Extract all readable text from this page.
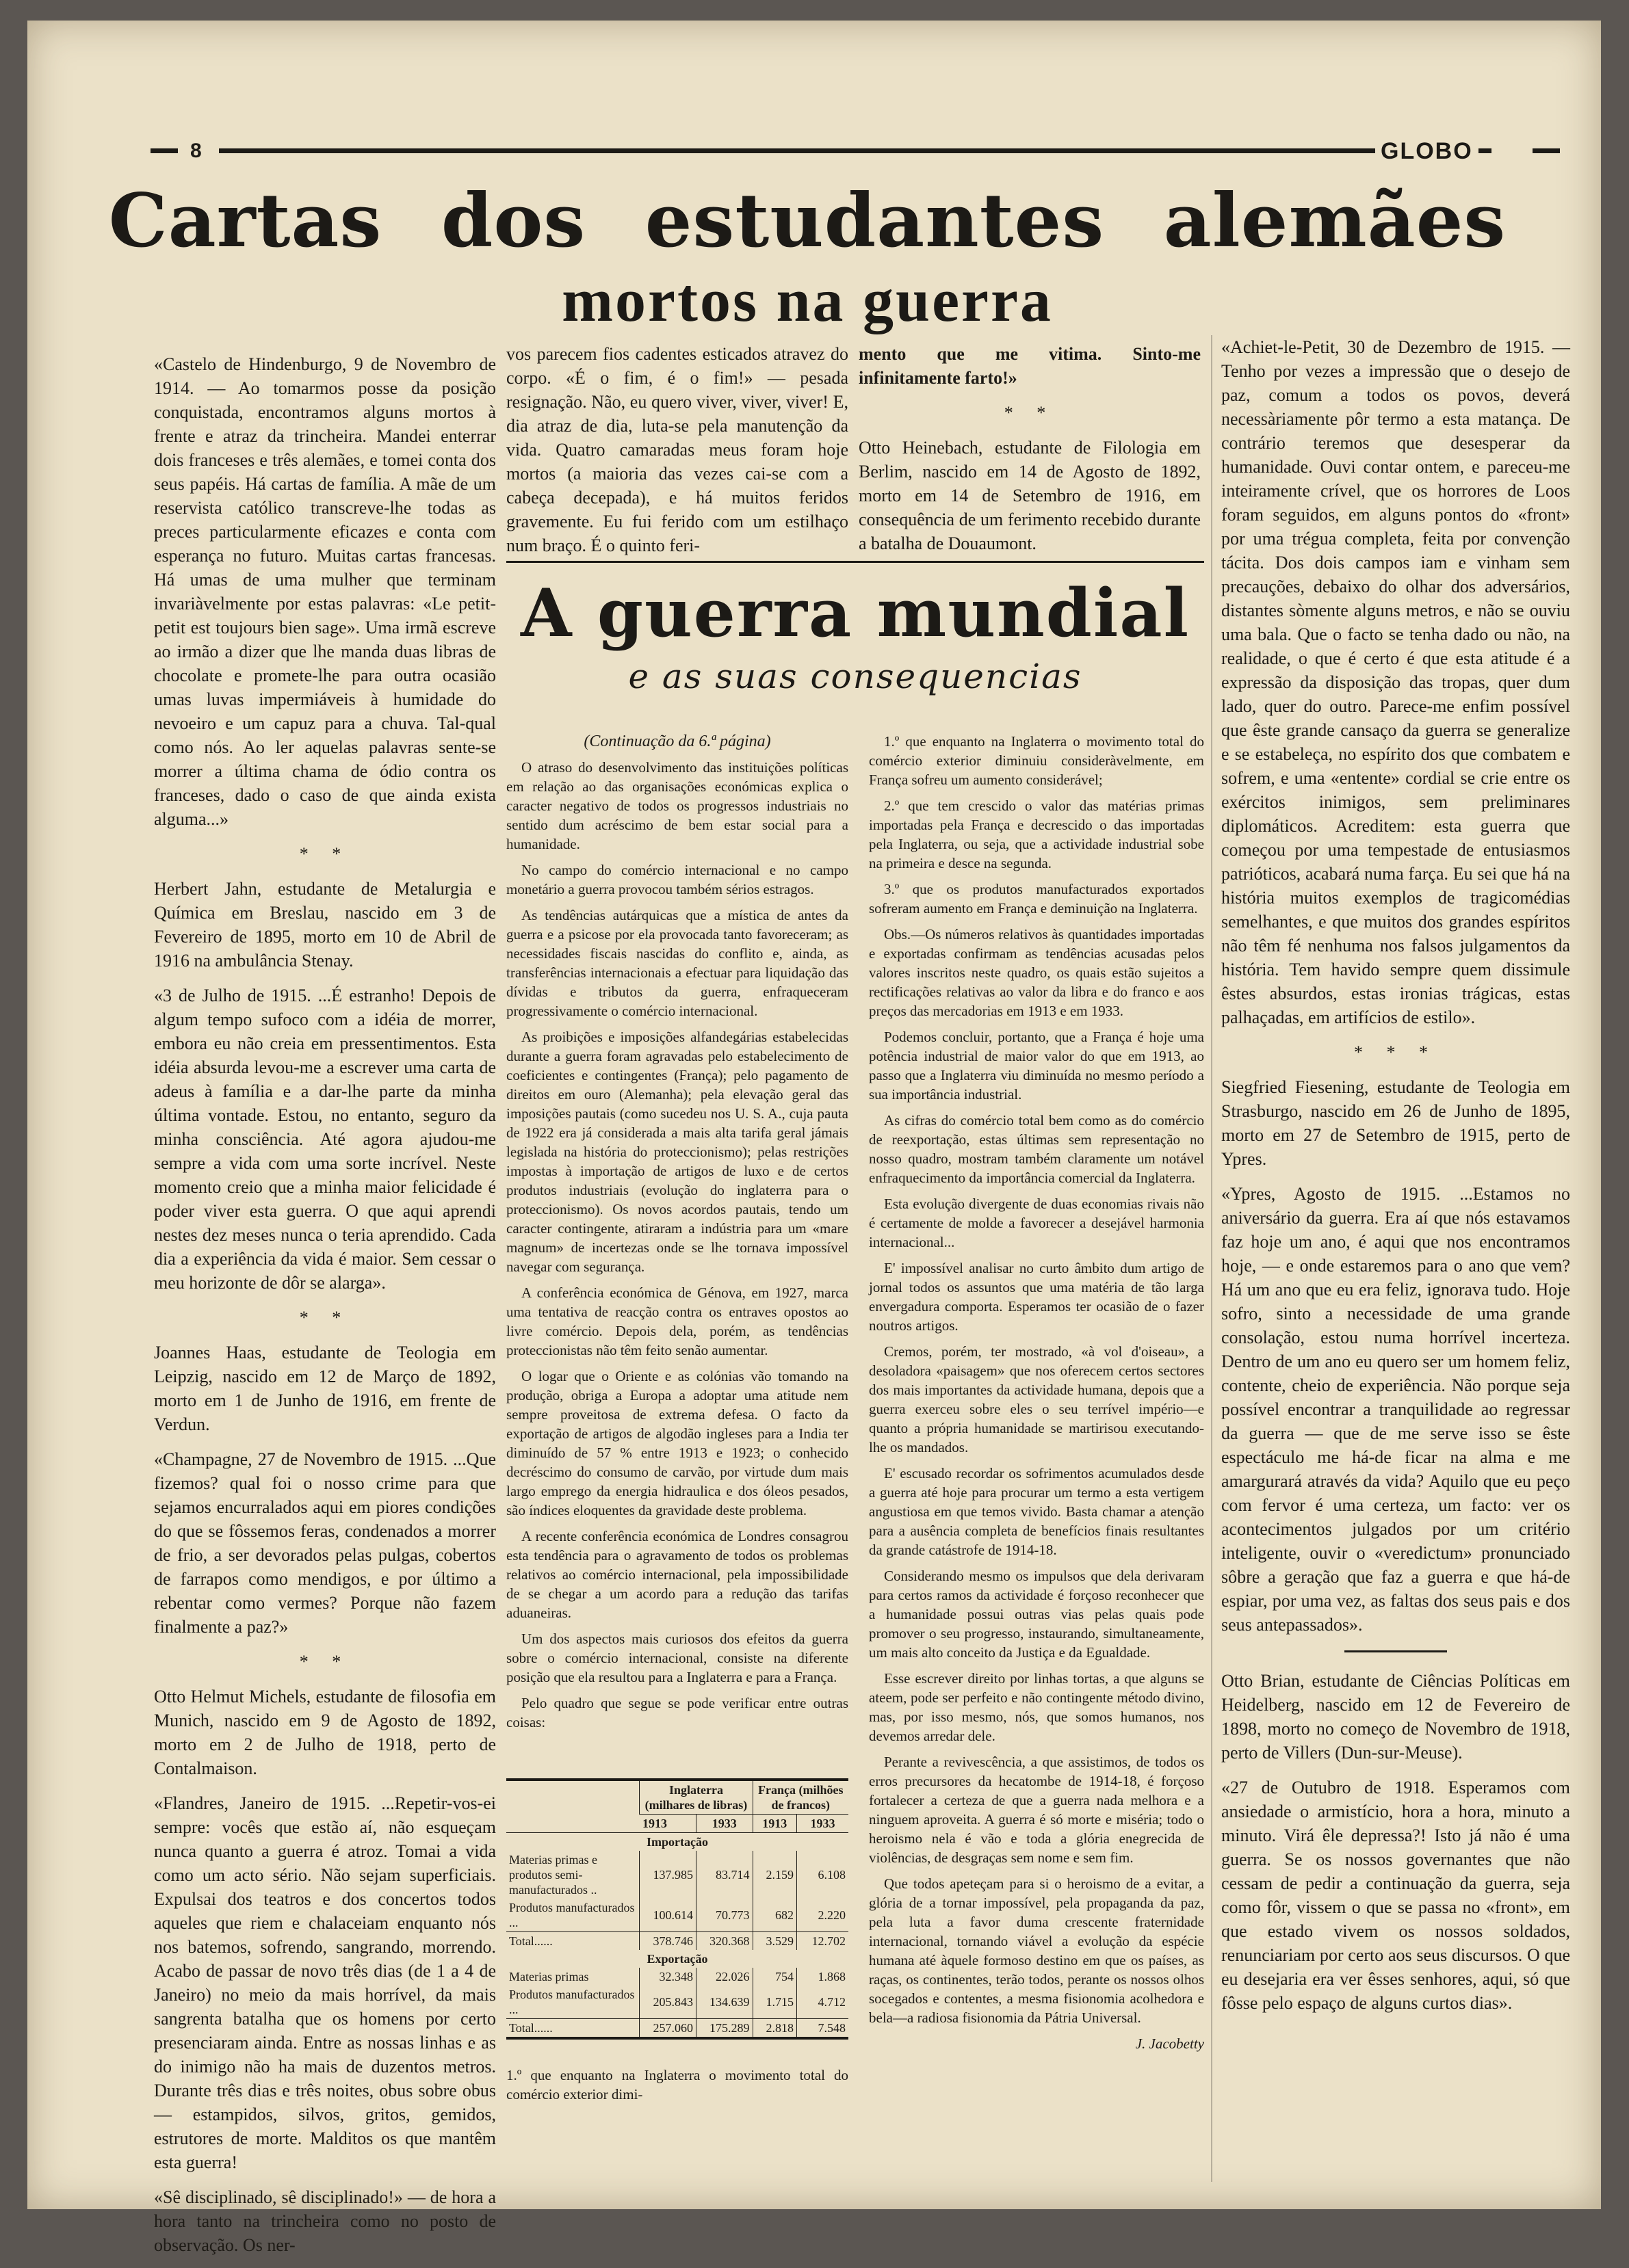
8	GLOBO
Cartas dos estudantes alemães
mortos na guerra

«Castelo de Hindenburgo, 9 de Novembro de 1914. — Ao tomarmos posse da posição conquistada, encontramos alguns mortos à frente e atraz da trincheira. Mandei enterrar dois franceses e três alemães, e tomei conta dos seus papéis. Há cartas de família. A mãe de um reservista católico transcreve-lhe todas as preces particularmente eficazes e conta com esperança no futuro. Muitas cartas francesas. Há umas de uma mulher que terminam invariàvelmente por estas palavras: «Le petit-petit est toujours bien sage». Uma irmã escreve ao irmão a dizer que lhe manda duas libras de chocolate e promete-lhe para outra ocasião umas luvas impermiáveis à humidade do nevoeiro e um capuz para a chuva. Tal-qual como nós. Ao ler aquelas palavras sente-se morrer a última chama de ódio contra os franceses, dado o caso de que ainda exista alguma...»

* *

Herbert Jahn, estudante de Metalurgia e Química em Breslau, nascido em 3 de Fevereiro de 1895, morto em 10 de Abril de 1916 na ambulância Stenay.

«3 de Julho de 1915. ...É estranho! Depois de algum tempo sufoco com a idéia de morrer, embora eu não creia em pressentimentos. Esta idéia absurda levou-me a escrever uma carta de adeus à família e a dar-lhe parte da minha última vontade. Estou, no entanto, seguro da minha consciência. Até agora ajudou-me sempre a vida com uma sorte incrível. Neste momento creio que a minha maior felicidade é poder viver esta guerra. O que aqui aprendi nestes dez meses nunca o teria aprendido. Cada dia a experiência da vida é maior. Sem cessar o meu horizonte de dôr se alarga».

* *

Joannes Haas, estudante de Teologia em Leipzig, nascido em 12 de Março de 1892, morto em 1 de Junho de 1916, em frente de Verdun.

«Champagne, 27 de Novembro de 1915. ...Que fizemos? qual foi o nosso crime para que sejamos encurralados aqui em piores condições do que se fôssemos feras, condenados a morrer de frio, a ser devorados pelas pulgas, cobertos de farrapos como mendigos, e por último a rebentar como vermes? Porque não fazem finalmente a paz?»

* *

Otto Helmut Michels, estudante de filosofia em Munich, nascido em 9 de Agosto de 1892, morto em 2 de Julho de 1918, perto de Contalmaison.

«Flandres, Janeiro de 1915. ...Repetir-vos-ei sempre: vocês que estão aí, não esqueçam nunca quanto a guerra é atroz. Tomai a vida como um acto sério. Não sejam superficiais. Expulsai dos teatros e dos concertos todos aqueles que riem e chalaceiam enquanto nós nos batemos, sofrendo, sangrando, morrendo. Acabo de passar de novo três dias (de 1 a 4 de Janeiro) no meio da mais horrível, da mais sangrenta batalha que os homens por certo presenciaram ainda. Entre as nossas linhas e as do inimigo não ha mais de duzentos metros. Durante três dias e três noites, obus sobre obus — estampidos, silvos, gritos, gemidos, estrutores de morte. Malditos os que mantêm esta guerra!

«Sê disciplinado, sê disciplinado!» — de hora a hora tanto na trincheira como no posto de observação. Os ner-

vos parecem fios cadentes esticados atravez do corpo. «É o fim, é o fim!» — pesada resignação. Não, eu quero viver, viver, viver! E, dia atraz de dia, luta-se pela manutenção da vida. Quatro camaradas meus foram hoje mortos (a maioria das vezes cai-se com a cabeça decepada), e há muitos feridos gravemente. Eu fui ferido com um estilhaço num braço. É o quinto feri-

mento que me vitima. Sinto-me infinitamente farto!»

* *

Otto Heinebach, estudante de Filologia em Berlim, nascido em 14 de Agosto de 1892, morto em 14 de Setembro de 1916, em consequência de um ferimento recebido durante a batalha de Douaumont.

A guerra mundial
e as suas consequencias

(Continuação da 6.ª página)

O atraso do desenvolvimento das instituições políticas em relação ao das organisações económicas explica o caracter negativo de todos os progressos industriais no sentido dum acréscimo de bem estar social para a humanidade.

No campo do comércio internacional e no campo monetário a guerra provocou também sérios estragos.

As tendências autárquicas que a mística de antes da guerra e a psicose por ela provocada tanto favoreceram; as necessidades fiscais nascidas do conflito e, ainda, as transferências internacionais a efectuar para liquidação das dívidas e tributos da guerra, enfraqueceram progressivamente o comércio internacional.

As proibições e imposições alfandegárias estabelecidas durante a guerra foram agravadas pelo estabelecimento de coeficientes e contingentes (França); pelo pagamento de direitos em ouro (Alemanha); pela elevação geral das imposições pautais (como sucedeu nos U. S. A., cuja pauta de 1922 era já considerada a mais alta tarifa geral jámais legislada na história do proteccionismo); pelas restrições impostas à importação de artigos de luxo e de certos produtos industriais (evolução do inglaterra para o proteccionismo). Os novos acordos pautais, tendo um caracter contingente, atiraram a indústria para um «mare magnum» de incertezas onde se lhe tornava impossível navegar com segurança.

A conferência económica de Génova, em 1927, marca uma tentativa de reacção contra os entraves opostos ao livre comércio. Depois dela, porém, as tendências proteccionistas não têm feito senão aumentar.

O logar que o Oriente e as colónias vão tomando na produção, obriga a Europa a adoptar uma atitude nem sempre proveitosa de extrema defesa. O facto da exportação de artigos de algodão ingleses para a India ter diminuído de 57 % entre 1913 e 1923; o conhecido decréscimo do consumo de carvão, por virtude dum mais largo emprego da energia hidraulica e dos óleos pesados, são índices eloquentes da gravidade deste problema.

A recente conferência económica de Londres consagrou esta tendência para o agravamento de todos os problemas relativos ao comércio internacional, pela impossibilidade de se chegar a um acordo para a redução das tarifas aduaneiras.

Um dos aspectos mais curiosos dos efeitos da guerra sobre o comércio internacional, consiste na diferente posição que ela resultou para a Inglaterra e para a França.

Pelo quadro que segue se pode verificar entre outras coisas:

	Inglaterra (milhares de libras)		França (milhões de francos)	
	1913	1933	1913	1933
Importação				
Materias primas e produtos semi-manufacturados ..	137.985	83.714	2.159	6.108
Produtos manufacturados ...	100.614	70.773	682	2.220
Total......	378.746	320.368	3.529	12.702
Exportação				
Materias primas	32.348	22.026	754	1.868
Produtos manufacturados ...	205.843	134.639	1.715	4.712
Total......	257.060	175.289	2.818	7.548
1.º que enquanto na Inglaterra o movimento total do comércio exterior dimi-

1.º que enquanto na Inglaterra o movimento total do comércio exterior diminuiu consideràvelmente, em França sofreu um aumento considerável;

2.º que tem crescido o valor das matérias primas importadas pela França e decrescido o das importadas pela Inglaterra, ou seja, que a actividade industrial sobe na primeira e desce na segunda.

3.º que os produtos manufacturados exportados sofreram aumento em França e deminuição na Inglaterra.

Obs.—Os números relativos às quantidades importadas e exportadas confirmam as tendências acusadas pelos valores inscritos neste quadro, os quais estão sujeitos a rectificações relativas ao valor da libra e do franco e aos preços das mercadorias em 1913 e em 1933.

Podemos concluir, portanto, que a França é hoje uma potência industrial de maior valor do que em 1913, ao passo que a Inglaterra viu diminuída no mesmo período a sua importância industrial.

As cifras do comércio total bem como as do comércio de reexportação, estas últimas sem representação no nosso quadro, mostram também claramente um notável enfraquecimento da importância comercial da Inglaterra.

Esta evolução divergente de duas economias rivais não é certamente de molde a favorecer a desejável harmonia internacional...

E' impossível analisar no curto âmbito dum artigo de jornal todos os assuntos que uma matéria de tão larga envergadura comporta. Esperamos ter ocasião de o fazer noutros artigos.

Cremos, porém, ter mostrado, «à vol d'oiseau», a desoladora «paisagem» que nos oferecem certos sectores dos mais importantes da actividade humana, depois que a guerra exerceu sobre eles o seu terrível império—e quanto a própria humanidade se martirisou executando-lhe os mandados.

E' escusado recordar os sofrimentos acumulados desde a guerra até hoje para procurar um termo a esta vertigem angustiosa em que temos vivido. Basta chamar a atenção para a ausência completa de benefícios finais resultantes da grande catástrofe de 1914-18.

Considerando mesmo os impulsos que dela derivaram para certos ramos da actividade é forçoso reconhecer que a humanidade possui outras vias pelas quais pode promover o seu progresso, instaurando, simultaneamente, um mais alto conceito da Justiça e da Egualdade.

Esse escrever direito por linhas tortas, a que alguns se ateem, pode ser perfeito e não contingente método divino, mas, por isso mesmo, nós, que somos humanos, nos devemos arredar dele.

Perante a revivescência, a que assistimos, de todos os erros precursores da hecatombe de 1914-18, é forçoso fortalecer a certeza de que a guerra nada melhora e a ninguem aproveita. A guerra é só morte e miséria; todo o heroismo nela é vão e toda a glória enegrecida de violências, de desgraças sem nome e sem fim.

Que todos apeteçam para si o heroismo de a evitar, a glória de a tornar impossível, pela propaganda da paz, pela luta a favor duma crescente fraternidade internacional, tornando viável a evolução da espécie humana até àquele formoso destino em que os países, as raças, os continentes, terão todos, perante os nossos olhos socegados e contentes, a mesma fisionomia acolhedora e bela—a radiosa fisionomia da Pátria Universal.

J. Jacobetty

«Achiet-le-Petit, 30 de Dezembro de 1915. — Tenho por vezes a impressão que o desejo de paz, comum a todos os povos, deverá necessàriamente pôr termo a esta matança. De contrário teremos que desesperar da humanidade. Ouvi contar ontem, e pareceu-me inteiramente crível, que os horrores de Loos foram seguidos, em alguns pontos do «front» por uma trégua completa, feita por convenção tácita. Dos dois campos iam e vinham sem precauções, debaixo do olhar dos adversários, distantes sòmente alguns metros, e não se ouviu uma bala. Que o facto se tenha dado ou não, na realidade, o que é certo é que esta atitude é a expressão da disposição das tropas, quer dum lado, quer do outro. Parece-me enfim possível que êste grande cansaço da guerra se generalize e se estabeleça, no espírito dos que combatem e sofrem, e uma «entente» cordial se crie entre os exércitos inimigos, sem preliminares diplomáticos. Acreditem: esta guerra que começou por uma tempestade de entusiasmos patrióticos, acabará numa farça. Eu sei que há na história muitos exemplos de tragicomédias semelhantes, e que muitos dos grandes espíritos não têm fé nenhuma nos falsos julgamentos da história. Tem havido sempre quem dissimule êstes absurdos, estas ironias trágicas, estas palhaçadas, em artifícios de estilo».

* * *

Siegfried Fiesening, estudante de Teologia em Strasburgo, nascido em 26 de Junho de 1895, morto em 27 de Setembro de 1915, perto de Ypres.

«Ypres, Agosto de 1915. ...Estamos no aniversário da guerra. Era aí que nós estavamos faz hoje um ano, é aqui que nos encontramos hoje, — e onde estaremos para o ano que vem? Há um ano que eu era feliz, ignorava tudo. Hoje sofro, sinto a necessidade de uma grande consolação, estou numa horrível incerteza. Dentro de um ano eu quero ser um homem feliz, contente, cheio de experiência. Não porque seja possível encontrar a tranquilidade ao regressar da guerra — que de me serve isso se êste espectáculo me há-de ficar na alma e me amargurará através da vida? Aquilo que eu peço com fervor é uma certeza, um facto: ver os acontecimentos julgados por um critério inteligente, ouvir o «veredictum» pronunciado sôbre a geração que faz a guerra e que há-de espiar, por uma vez, as faltas dos seus pais e dos seus antepassados».

Otto Brian, estudante de Ciências Políticas em Heidelberg, nascido em 12 de Fevereiro de 1898, morto no começo de Novembro de 1918, perto de Villers (Dun-sur-Meuse).

«27 de Outubro de 1918. Esperamos com ansiedade o armistício, hora a hora, minuto a minuto. Virá êle depressa?! Isto já não é uma guerra. Se os nossos governantes que não cessam de pedir a continuação da guerra, seja como fôr, vissem o que se passa no «front», em que estado vivem os nossos soldados, renunciariam por certo aos seus discursos. O que eu desejaria era ver êsses senhores, aqui, só que fôsse pelo espaço de alguns curtos dias».
